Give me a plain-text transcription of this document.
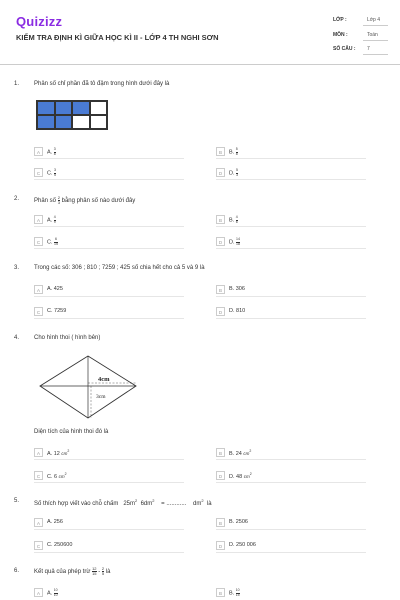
Quizizz
KIỂM TRA ĐỊNH KÌ GIỮA HỌC KÌ II - LỚP 4 TH NGHI SƠN
LỚP :	Lớp 4
MÔN :	Toán
SỐ CÂU : 7
1. Phân số chỉ phần đã tô đậm trong hình dưới đây là
A	A. $\frac{3}{8}$	B	B. $\frac{5}{8}$
C	C. $\frac{3}{5}$	D	D. $\frac{5}{3}$
2. Phân số $\frac{2}{3}$ bằng phân số nào dưới đây
A	A. $\frac{4}{9}$	B	B. $\frac{4}{6}$
C	C. $\frac{6}{15}$	D	D. $\frac{14}{18}$
3. Trong các số: 306 ; 810 ; 7259 ; 425 số chia hết cho cả 5 và 9 là
A	A. 425	B	B. 306
C	C. 7259	D	D. 810
4. Cho hình thoi ( hình bên)
4cm
3cm
Diện tích của hình thoi đó là
A	A. 12 $cm^2$	B	B. 24 $cm^2$
C	C. 6 $cm^2$	D	D. 48 $cm^2$
5. Số thích hợp viết vào chỗ chấm $25m^2$  $6dm^2$    = ............ $dm^2$  là
A	A. 256	B	B. 2506
C	C. 250600	D	D. 250 006
6. Kết quả của phép trừ $\frac{12}{15} - \frac{2}{5}$ là
A	A. $\frac{10}{10}$	B	B. $\frac{10}{15}$
